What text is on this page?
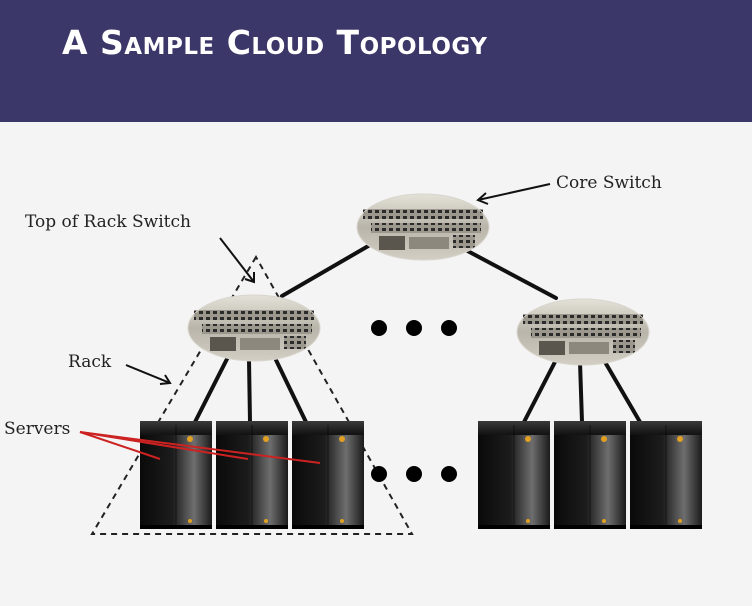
A Sample Cloud Topology
Core Switch
Top of Rack Switch
Rack
Servers
